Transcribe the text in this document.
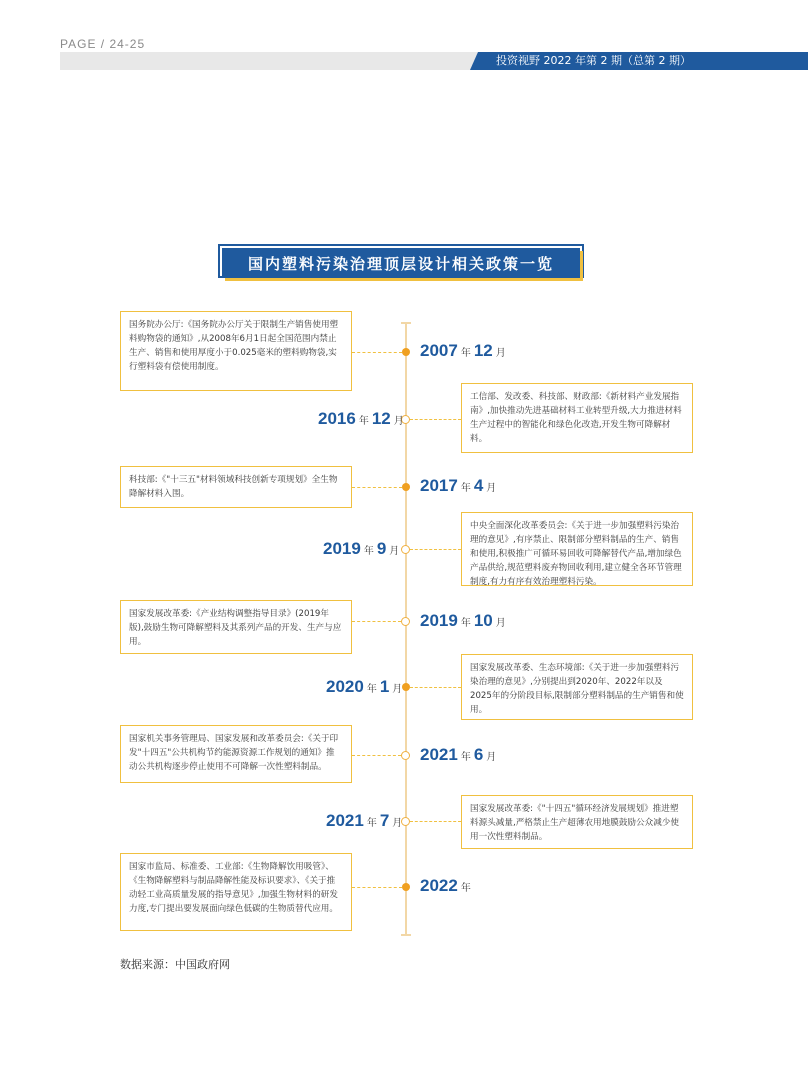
PAGE / 24-25
投资视野 2022 年第 2 期（总第 2 期）
国内塑料污染治理顶层设计相关政策一览
国务院办公厅:《国务院办公厅关于限制生产销售使用塑料购物袋的通知》,从2008年6月1日起全国范围内禁止生产、销售和使用厚度小于0.025毫米的塑料购物袋,实行塑料袋有偿使用制度。
2007 年 12 月
工信部、发改委、科技部、财政部:《新材料产业发展指南》,加快推动先进基础材料工业转型升级,大力推进材料生产过程中的智能化和绿色化改造,开发生物可降解材料。
2016 年 12 月
科技部:《"十三五"材料领域科技创新专项规划》全生物降解材料入围。	2017 年 4 月
中央全面深化改革委员会:《关于进一步加强塑料污染治理的意见》,有序禁止、限制部分塑料制品的生产、销售和使用,积极推广可循环易回收可降解替代产品,增加绿色产品供给,规范塑料废弃物回收利用,建立健全各环节管理制度,有力有序有效治理塑料污染。
2019 年 9 月
国家发展改革委:《产业结构调整指导目录》(2019年版),鼓励生物可降解塑料及其系列产品的开发、生产与应用。
2019 年 10 月
国家发展改革委、生态环境部:《关于进一步加强塑料污染治理的意见》,分别提出到2020年、2022年以及2025年的分阶段目标,限制部分塑料制品的生产销售和使用。
2020 年 1 月
国家机关事务管理局、国家发展和改革委员会:《关于印发"十四五"公共机构节约能源资源工作规划的通知》推动公共机构逐步停止使用不可降解一次性塑料制品。
2021 年 6 月
国家发展改革委:《"十四五"循环经济发展规划》推进塑料源头减量,严格禁止生产超薄农用地膜鼓励公众减少使用一次性塑料制品。
2021 年 7 月
国家市监局、标准委、工业部:《生物降解饮用吸管》、《生物降解塑料与制品降解性能及标识要求》、《关于推动轻工业高质量发展的指导意见》,加强生物材料的研发力度,专门提出要发展面向绿色低碳的生物质替代应用。
2022 年
数据来源：中国政府网
